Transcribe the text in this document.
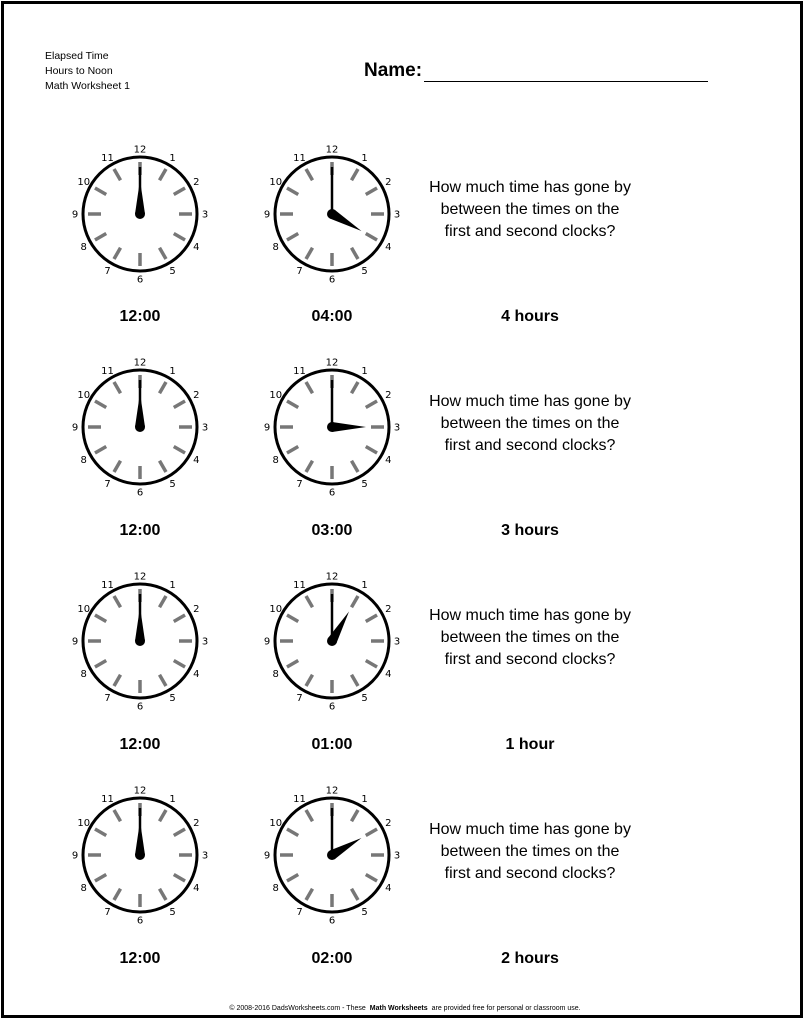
Elapsed Time
Hours to Noon
Math Worksheet 1
Name:
12
1
2
3
4
5
6
7
8
9
10
11
12
1
2
3
4
5
6
7
8
9
10
11
12:00	04:00
How much time has gone by
between the times on the
first and second clocks?
4 hours
12
1
2
3
4
5
6
7
8
9
10
11
12
1
2
3
4
5
6
7
8
9
10
11
12:00	03:00
How much time has gone by
between the times on the
first and second clocks?
3 hours
12
1
2
3
4
5
6
7
8
9
10
11
12
1
2
3
4
5
6
7
8
9
10
11
12:00	01:00
How much time has gone by
between the times on the
first and second clocks?
1 hour
12
1
2
3
4
5
6
7
8
9
10
11
12
1
2
3
4
5
6
7
8
9
10
11
12:00	02:00
How much time has gone by
between the times on the
first and second clocks?
2 hours
© 2008-2016 DadsWorksheets.com - These Math Worksheets are provided free for personal or classroom use.
